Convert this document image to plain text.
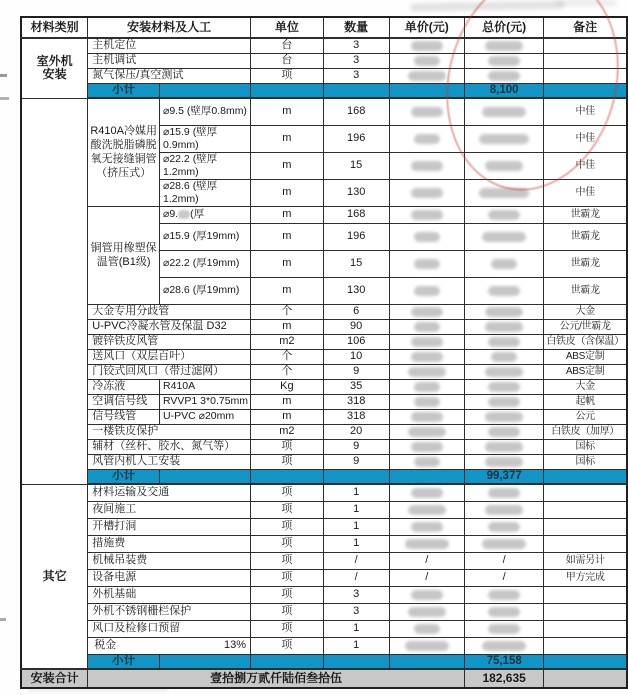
材料类别	安装材料及人工		单位	数量	单价(元)	总价(元)	备注

室外机
安装	主机定位		台	3	

	主机调试		台	3	

	氮气保压/真空测试		项	3	

	小计					8,100	
	R410A冷媒用酸洗脱脂磷脱氧无接缝铜管（挤压式）	⌀9.5 (壁厚0.8mm)	m	168			中佳
		⌀15.9 (壁厚0.9mm)	m	196			中佳
		⌀22.2 (壁厚1.2mm)	m	15			中佳
		⌀28.6 (壁厚1.2mm)	m	130			中佳
	铜管用橡塑保温管(B1级)	⌀9. (厚	m	168			世霸龙
		⌀15.9 (厚19mm)	m	196			世霸龙
		⌀22.2 (厚19mm)	m	15			世霸龙
		⌀28.6 (厚19mm)	m	130			世霸龙
	大金专用分歧管		个	6			大金
	U-PVC冷凝水管及保温 D32		m	90			公元/世霸龙
	镀锌铁皮风管		m2	106			白铁皮（含保温）
	送风口（双层百叶）		个	10			ABS定制
	门铰式回风口（带过滤网）		个	9			ABS定制
	冷冻液	R410A	Kg	35			大金
	空调信号线	RVVP1 3*0.75mm	m	318			起帆
	信号线管	U-PVC ⌀20mm	m	318			公元
	一楼铁皮保护		m2	20			白铁皮（加厚）
	辅材（丝杆、胶水、氮气等）		项	9			国标
	风管内机人工安装		项	9			国标
	小计					99,377	
其它	材料运输及交通		项	1	

	夜间施工		项	1	

	开槽打洞		项	1	

	措施费		项	1	

	机械吊装费		项	/	/	/	如需另计
	设备电源		项	/	/	/	甲方完成
	外机基础		项	3	

	外机不锈钢栅栏保护		项	3	

	风口及检修口预留		项	1	

	税金 13%		项	1	

	小计					75,158	
安装合计	壹拾捌万贰仟陆佰叁拾伍					182,635	
